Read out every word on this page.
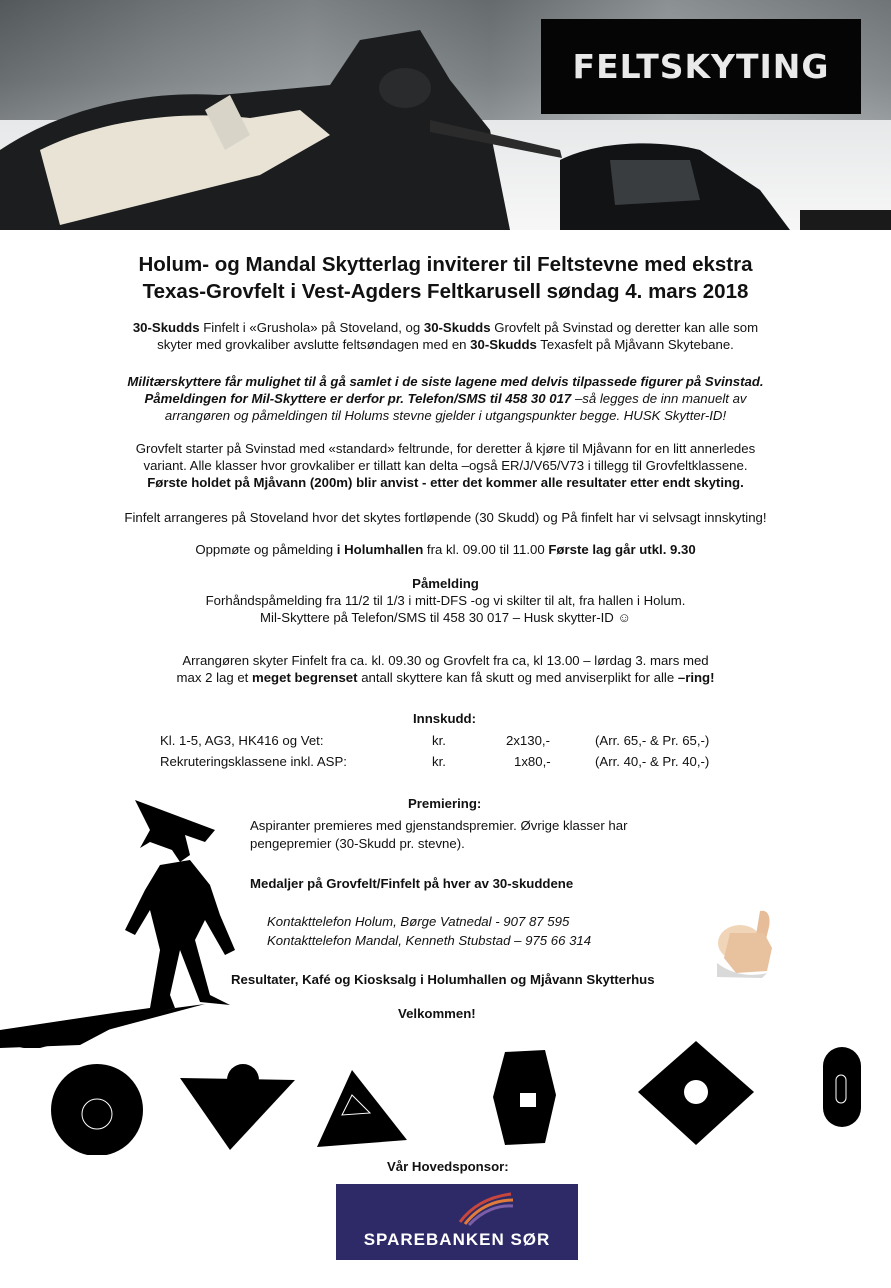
FELTSKYTING
Holum- og Mandal Skytterlag inviterer til Feltstevne med ekstra
Texas-Grovfelt i Vest-Agders Feltkarusell søndag 4. mars 2018
30-Skudds Finfelt i «Grushola» på Stoveland, og 30-Skudds Grovfelt på Svinstad og deretter kan alle som
skyter med grovkaliber avslutte feltsøndagen med en 30-Skudds Texasfelt på Mjåvann Skytebane.
Militærskyttere får mulighet til å gå samlet i de siste lagene med delvis tilpassede figurer på Svinstad.
Påmeldingen for Mil-Skyttere er derfor pr. Telefon/SMS til 458 30 017 –så legges de inn manuelt av
arrangøren og påmeldingen til Holums stevne gjelder i utgangspunkter begge. HUSK Skytter-ID!
Grovfelt starter på Svinstad med «standard» feltrunde, for deretter å kjøre til Mjåvann for en litt annerledes
variant. Alle klasser hvor grovkaliber er tillatt kan delta –også ER/J/V65/V73 i tillegg til Grovfeltklassene.
Første holdet på Mjåvann (200m) blir anvist - etter det kommer alle resultater etter endt skyting.
Finfelt arrangeres på Stoveland hvor det skytes fortløpende (30 Skudd) og På finfelt har vi selvsagt innskyting!
Oppmøte og påmelding i Holumhallen fra kl. 09.00 til 11.00 Første lag går utkl. 9.30
Påmelding
Forhåndspåmelding fra 11/2 til 1/3 i mitt-DFS -og vi skilter til alt, fra hallen i Holum.
Mil-Skyttere på Telefon/SMS til 458 30 017 – Husk skytter-ID ☺
Arrangøren skyter Finfelt fra ca. kl. 09.30 og Grovfelt fra ca, kl 13.00 – lørdag 3. mars med
max 2 lag et meget begrenset antall skyttere kan få skutt og med anviserplikt for alle –ring!
Innskudd:
Kl. 1-5, AG3, HK416 og Vet:	kr.	2x130,-	(Arr. 65,- & Pr. 65,-)
Rekruteringsklassene inkl. ASP:	kr.	1x80,-	(Arr. 40,- & Pr. 40,-)
Premiering:
Aspiranter premieres med gjenstandspremier. Øvrige klasser har
pengepremier (30-Skudd pr. stevne).
Medaljer på Grovfelt/Finfelt på hver av 30-skuddene
Kontakttelefon Holum, Børge Vatnedal - 907 87 595
Kontakttelefon Mandal, Kenneth Stubstad – 975 66 314
Resultater, Kafé og Kiosksalg i Holumhallen og Mjåvann Skytterhus
Velkommen!
Vår Hovedsponsor:
SPAREBANKEN SØR
